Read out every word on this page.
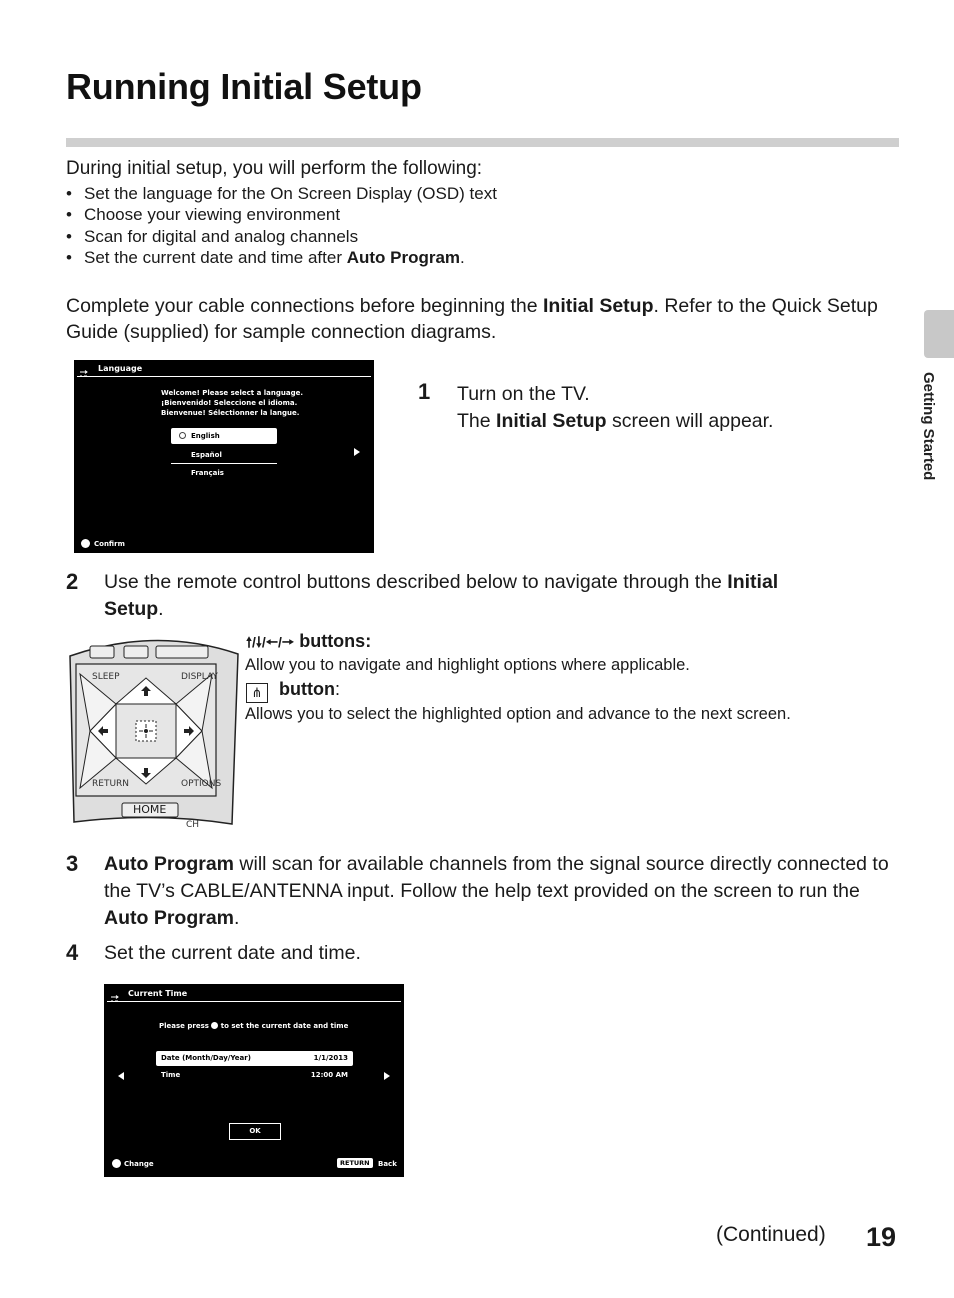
Running Initial Setup
During initial setup, you will perform the following:
• Set the language for the On Screen Display (OSD) text
• Choose your viewing environment
• Scan for digital and analog channels
• Set the current date and time after Auto Program.
Complete your cable connections before beginning the Initial Setup. Refer to the Quick Setup Guide (supplied) for sample connection diagrams.
Getting Started
Language
Welcome! Please select a language.
¡Bienvenido! Seleccione el idioma.
Bienvenue! Sélectionner la langue.
English
Español
Français
Confirm
1 Turn on the TV.
The Initial Setup screen will appear.
2 Use the remote control buttons described below to navigate through the Initial
Setup.
SLEEP	DISPLAY
RETURN	OPTIONS
HOME
CH
🠕/🠗/🠔/🠖 buttons:
Allow you to navigate and highlight options where applicable.
⋔ button:
Allows you to select the highlighted option and advance to the next screen.
3 Auto Program will scan for available channels from the signal source directly connected to the TV’s CABLE/ANTENNA input. Follow the help text provided on the screen to run the Auto Program.
4 Set the current date and time.
Current Time
Please press  to set the current date and time
Date (Month/Day/Year)	1/1/2013
Time	12:00 AM
OK
Change	RETURN	Back
(Continued) 19
